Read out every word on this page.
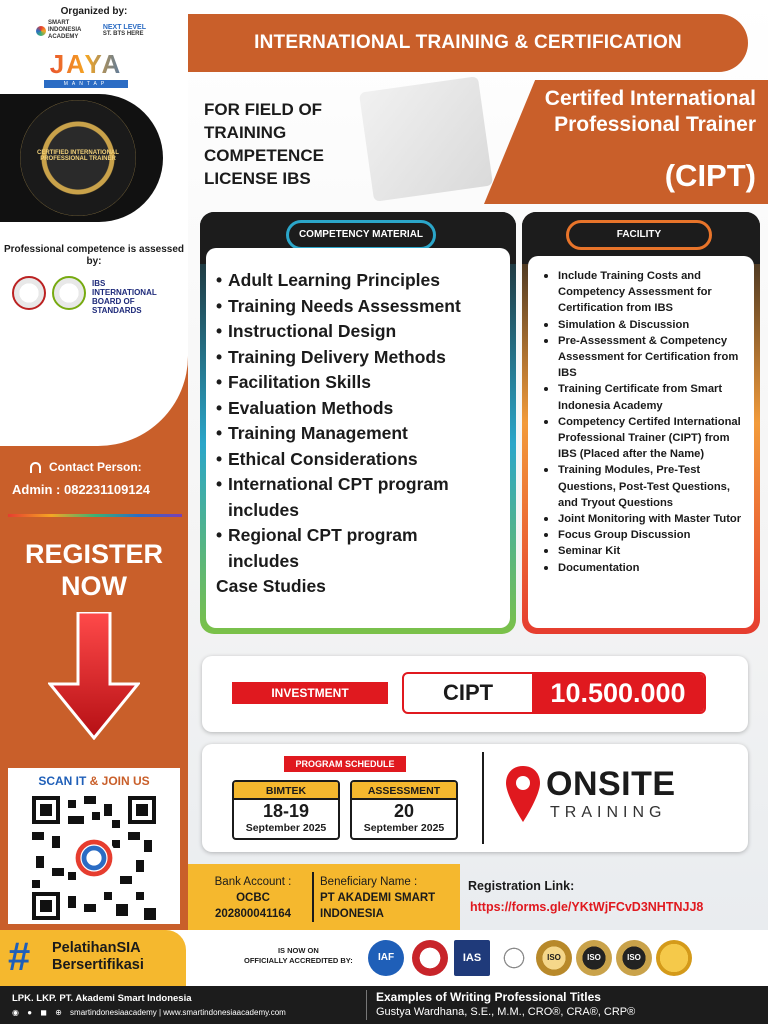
Organized by:
SMART INDONESIA ACADEMY
NEXT LEVEL
ST. BTS HERE
JAYA
MANTAP
CERTIFIED INTERNATIONAL PROFESSIONAL TRAINER
Professional competence is assessed by:
IBS INTERNATIONAL BOARD OF STANDARDS
Contact Person:
Admin : 082231109124
REGISTER
NOW
SCAN IT & JOIN US
INTERNATIONAL TRAINING & CERTIFICATION
FOR FIELD OF TRAINING COMPETENCE LICENSE IBS
Certifed International Professional Trainer
(CIPT)
COMPETENCY MATERIAL
• Adult Learning Principles
• Training Needs Assessment
• Instructional Design
• Training Delivery Methods
• Facilitation Skills
• Evaluation Methods
• Training Management
• Ethical Considerations
• International CPT program
includes
• Regional CPT program
includes
Case Studies
FACILITY
Include Training Costs and Competency Assessment for Certification from IBS
Simulation & Discussion
Pre-Assessment & Competency Assessment for Certification from IBS
Training Certificate from Smart Indonesia Academy
Competency Certifed International Professional Trainer (CIPT) from IBS (Placed after the Name)
Training Modules, Pre-Test Questions, Post-Test Questions, and Tryout Questions
Joint Monitoring with Master Tutor
Focus Group Discussion
Seminar Kit
Documentation
INVESTMENT	CIPT	10.500.000
PROGRAM SCHEDULE
BIMTEK
18-19
September 2025
ASSESSMENT
20
September 2025
ONSITE
TRAINING
Bank Account :
OCBC
202800041164
Beneficiary Name :
PT AKADEMI SMART
INDONESIA
Registration Link:
https://forms.gle/YKtWjFCvD3NHTNJJ8
# PelatihanSIA
Bersertifikasi
IS NOW ON
OFFICIALLY ACCREDITED BY:	IAF	IAS	ISO	ISO	ISO
LPK. LKP. PT. Akademi Smart Indonesia
◉ ● ◼ ⊕ smartindonesiaacademy | www.smartindonesiaacademy.com
Examples of Writing Professional Titles
Gustya Wardhana, S.E., M.M., CRO®, CRA®, CRP®
